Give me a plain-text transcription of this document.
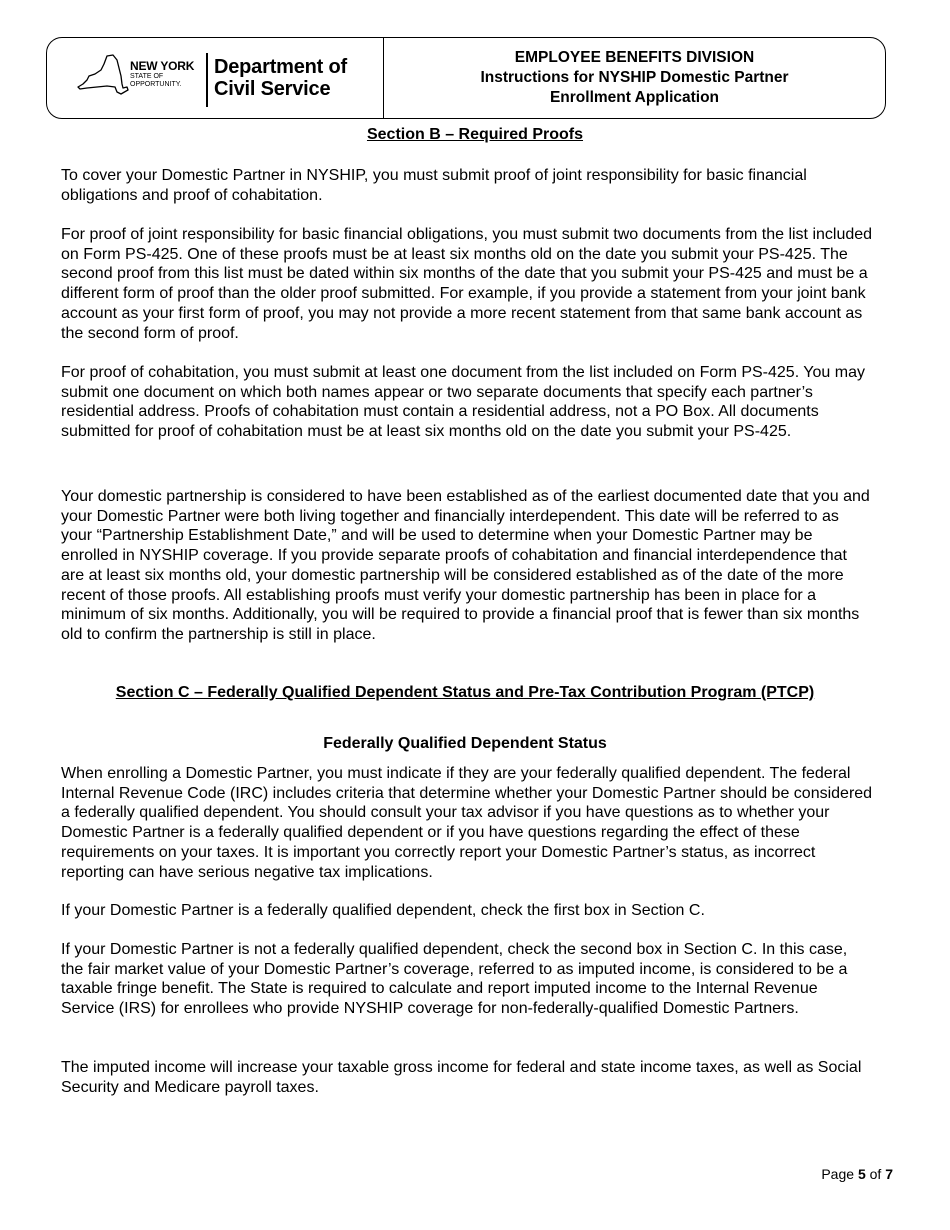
NEW YORK
STATE OF
OPPORTUNITY.
Department of
Civil Service
EMPLOYEE BENEFITS DIVISION
Instructions for NYSHIP Domestic Partner
Enrollment Application
Section B – Required Proofs

To cover your Domestic Partner in NYSHIP, you must submit proof of joint responsibility for basic financial obligations and proof of cohabitation.

For proof of joint responsibility for basic financial obligations, you must submit two documents from the list included on Form PS-425. One of these proofs must be at least six months old on the date you submit your PS-425. The second proof from this list must be dated within six months of the date that you submit your PS-425 and must be a different form of proof than the older proof submitted. For example, if you provide a statement from your joint bank account as your first form of proof, you may not provide a more recent statement from that same bank account as the second form of proof.

For proof of cohabitation, you must submit at least one document from the list included on Form PS-425. You may submit one document on which both names appear or two separate documents that specify each partner’s residential address. Proofs of cohabitation must contain a residential address, not a PO Box. All documents submitted for proof of cohabitation must be at least six months old on the date you submit your PS-425.

Your domestic partnership is considered to have been established as of the earliest documented date that you and your Domestic Partner were both living together and financially interdependent. This date will be referred to as your “Partnership Establishment Date,” and will be used to determine when your Domestic Partner may be enrolled in NYSHIP coverage. If you provide separate proofs of cohabitation and financial interdependence that are at least six months old, your domestic partnership will be considered established as of the date of the more recent of those proofs. All establishing proofs must verify your domestic partnership has been in place for a minimum of six months. Additionally, you will be required to provide a financial proof that is fewer than six months old to confirm the partnership is still in place.

Section C – Federally Qualified Dependent Status and Pre-Tax Contribution Program (PTCP)
Federally Qualified Dependent Status

When enrolling a Domestic Partner, you must indicate if they are your federally qualified dependent. The federal Internal Revenue Code (IRC) includes criteria that determine whether your Domestic Partner should be considered a federally qualified dependent. You should consult your tax advisor if you have questions as to whether your Domestic Partner is a federally qualified dependent or if you have questions regarding the effect of these requirements on your taxes. It is important you correctly report your Domestic Partner’s status, as incorrect reporting can have serious negative tax implications.

If your Domestic Partner is a federally qualified dependent, check the first box in Section C.

If your Domestic Partner is not a federally qualified dependent, check the second box in Section C. In this case, the fair market value of your Domestic Partner’s coverage, referred to as imputed income, is considered to be a taxable fringe benefit. The State is required to calculate and report imputed income to the Internal Revenue Service (IRS) for enrollees who provide NYSHIP coverage for non-federally-qualified Domestic Partners.

The imputed income will increase your taxable gross income for federal and state income taxes, as well as Social Security and Medicare payroll taxes.

Page 5 of 7
